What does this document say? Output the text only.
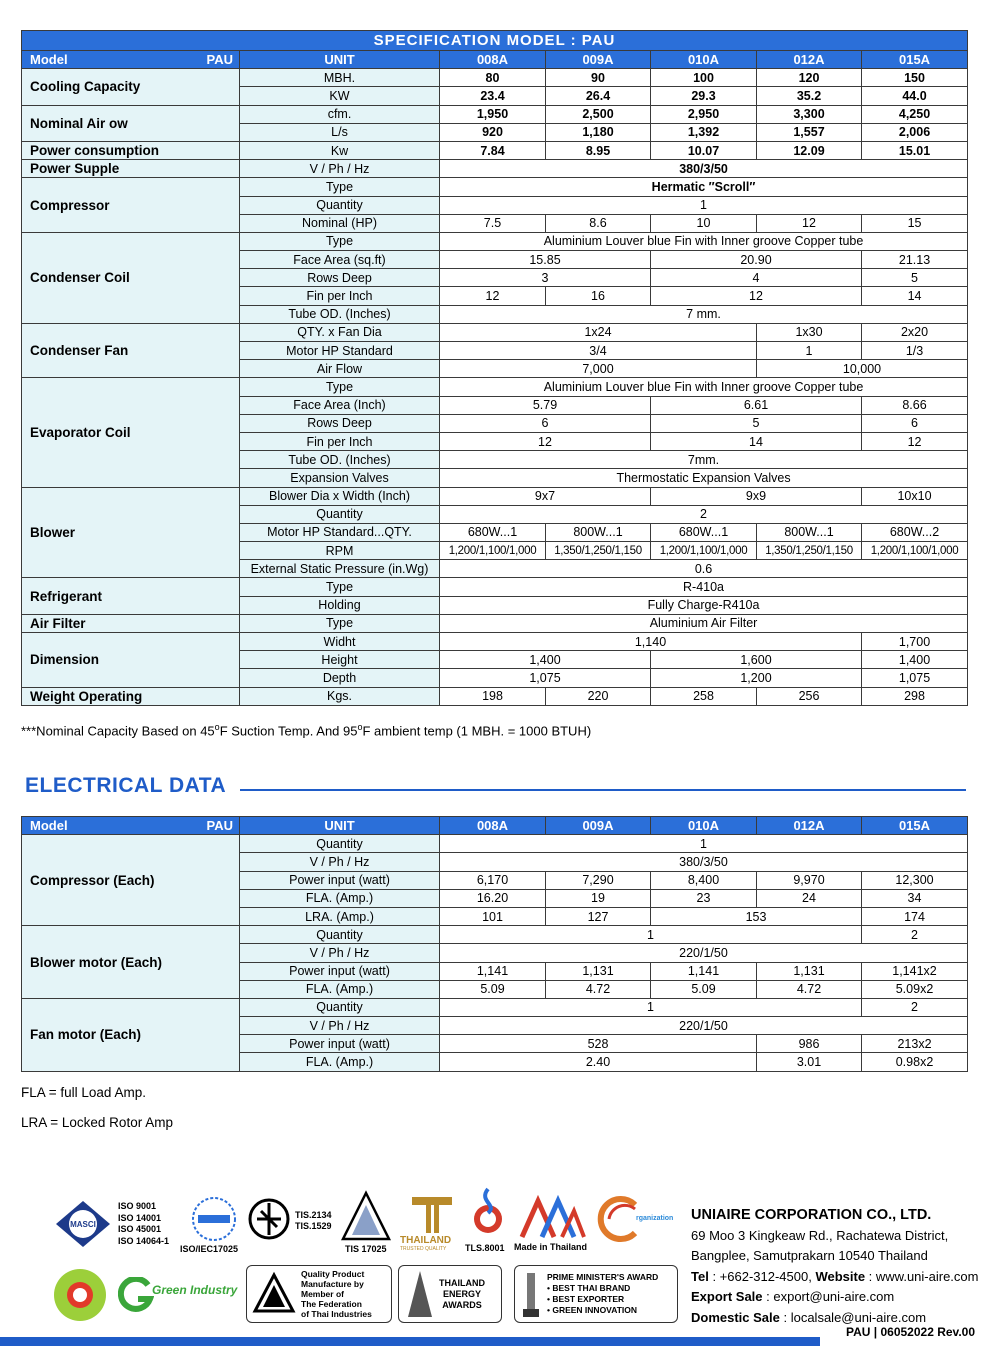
SPECIFICATION MODEL : PAU						
Model PAU	UNIT	008A	009A	010A	012A	015A
Cooling Capacity	MBH.	80	90	100	120	150
	KW	23.4	26.4	29.3	35.2	44.0
Nominal Air ow	cfm.	1,950	2,500	2,950	3,300	4,250
	L/s	920	1,180	1,392	1,557	2,006
Power consumption	Kw	7.84	8.95	10.07	12.09	15.01
Power Supple	V / Ph / Hz	380/3/50				
Compressor	Type	Hermatic ″Scroll″				
	Quantity	1				
	Nominal (HP)	7.5	8.6	10	12	15
Condenser Coil	Type	Aluminium Louver blue Fin with Inner groove Copper tube				
	Face Area (sq.ft)	15.85		20.90		21.13
	Rows Deep	3		4		5
	Fin per Inch	12	16	12		14
	Tube OD. (Inches)	7 mm.				
Condenser Fan	QTY. x Fan Dia	1x24			1x30	2x20
	Motor HP Standard	3/4			1	1/3
	Air Flow	7,000			10,000	
Evaporator Coil	Type	Aluminium Louver blue Fin with Inner groove Copper tube				
	Face Area (Inch)	5.79		6.61		8.66
	Rows Deep	6		5		6
	Fin per Inch	12		14		12
	Tube OD. (Inches)	7mm.				
	Expansion Valves	Thermostatic Expansion Valves				
Blower	Blower Dia x Width (Inch)	9x7		9x9		10x10
	Quantity	2				
	Motor HP Standard...QTY.	680W...1	800W...1	680W...1	800W...1	680W...2
	RPM	1,200/1,100/1,000	1,350/1,250/1,150	1,200/1,100/1,000	1,350/1,250/1,150	1,200/1,100/1,000
	External Static Pressure (in.Wg)	0.6				
Refrigerant	Type	R-410a				
	Holding	Fully Charge-R410a				
Air Filter	Type	Aluminium Air Filter				
Dimension	Widht	1,140				1,700
	Height	1,400		1,600		1,400
	Depth	1,075		1,200		1,075
Weight Operating	Kgs.	198	220	258	256	298
***Nominal Capacity Based on 45$^o$F Suction Temp. And 95$^o$F ambient temp (1 MBH. = 1000 BTUH)
ELECTRICAL DATA
Model PAU	UNIT	008A	009A	010A	012A	015A
Compressor (Each)	Quantity	1				
	V / Ph / Hz	380/3/50				
	Power input (watt)	6,170	7,290	8,400	9,970	12,300
	FLA. (Amp.)	16.20	19	23	24	34
	LRA. (Amp.)	101	127	153		174
Blower motor (Each)	Quantity	1				2
	V / Ph / Hz	220/1/50				
	Power input (watt)	1,141	1,131	1,141	1,131	1,141x2
	FLA. (Amp.)	5.09	4.72	5.09	4.72	5.09x2
Fan motor (Each)	Quantity	1				2
	V / Ph / Hz	220/1/50				
	Power input (watt)	528			986	213x2
	FLA. (Amp.)	2.40			3.01	0.98x2
FLA = full Load Amp.
LRA = Locked Rotor Amp
MASCI
ISO 9001
ISO 14001
ISO 45001
ISO 14064-1
ISO/IEC17025
TIS.2134
TIS.1529
TIS 17025
THAILAND
TRUSTED QUALITY TLS.8001 Made in Thailand
rganization
Green Industry
Quality Product
Manufacture by
Member of
The Federation
of Thai Industries
THAILAND
ENERGY
AWARDS
PRIME MINISTER'S AWARD
• BEST THAI BRAND
• BEST EXPORTER
• GREEN INNOVATION
UNIAIRE CORPORATION CO., LTD.
69 Moo 3 Kingkeaw Rd., Rachatewa District,
Bangplee, Samutprakarn 10540 Thailand
Tel : +662-312-4500, Website : www.uni-aire.com
Export Sale : export@uni-aire.com
Domestic Sale : localsale@uni-aire.com
PAU | 06052022 Rev.00
